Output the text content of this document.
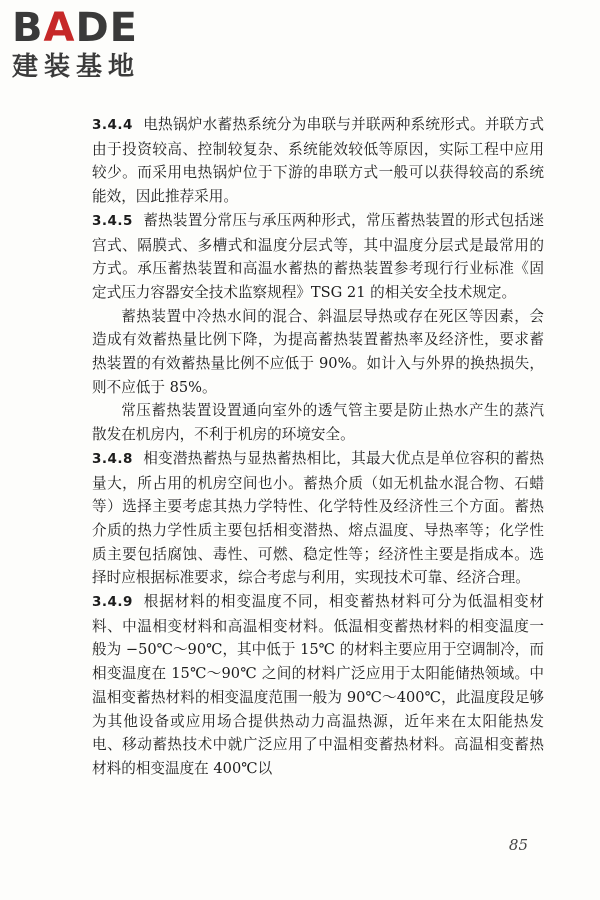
BADE
建装基地

3.4.4 电热锅炉水蓄热系统分为串联与并联两种系统形式。并联方式由于投资较高、控制较复杂、系统能效较低等原因，实际工程中应用较少。而采用电热锅炉位于下游的串联方式一般可以获得较高的系统能效，因此推荐采用。

3.4.5 蓄热装置分常压与承压两种形式，常压蓄热装置的形式包括迷宫式、隔膜式、多槽式和温度分层式等，其中温度分层式是最常用的方式。承压蓄热装置和高温水蓄热的蓄热装置参考现行行业标准《固定式压力容器安全技术监察规程》TSG 21 的相关安全技术规定。

蓄热装置中冷热水间的混合、斜温层导热或存在死区等因素，会造成有效蓄热量比例下降，为提高蓄热装置蓄热率及经济性，要求蓄热装置的有效蓄热量比例不应低于 90%。如计入与外界的换热损失，则不应低于 85%。

常压蓄热装置设置通向室外的透气管主要是防止热水产生的蒸汽散发在机房内，不利于机房的环境安全。

3.4.8 相变潜热蓄热与显热蓄热相比，其最大优点是单位容积的蓄热量大，所占用的机房空间也小。蓄热介质（如无机盐水混合物、石蜡等）选择主要考虑其热力学特性、化学特性及经济性三个方面。蓄热介质的热力学性质主要包括相变潜热、熔点温度、导热率等；化学性质主要包括腐蚀、毒性、可燃、稳定性等；经济性主要是指成本。选择时应根据标准要求，综合考虑与利用，实现技术可靠、经济合理。

3.4.9 根据材料的相变温度不同，相变蓄热材料可分为低温相变材料、中温相变材料和高温相变材料。低温相变蓄热材料的相变温度一般为 −50℃～90℃，其中低于 15℃ 的材料主要应用于空调制冷，而相变温度在 15℃～90℃ 之间的材料广泛应用于太阳能储热领域。中温相变蓄热材料的相变温度范围一般为 90℃～400℃，此温度段足够为其他设备或应用场合提供热动力高温热源，近年来在太阳能热发电、移动蓄热技术中就广泛应用了中温相变蓄热材料。高温相变蓄热材料的相变温度在 400℃以

85
